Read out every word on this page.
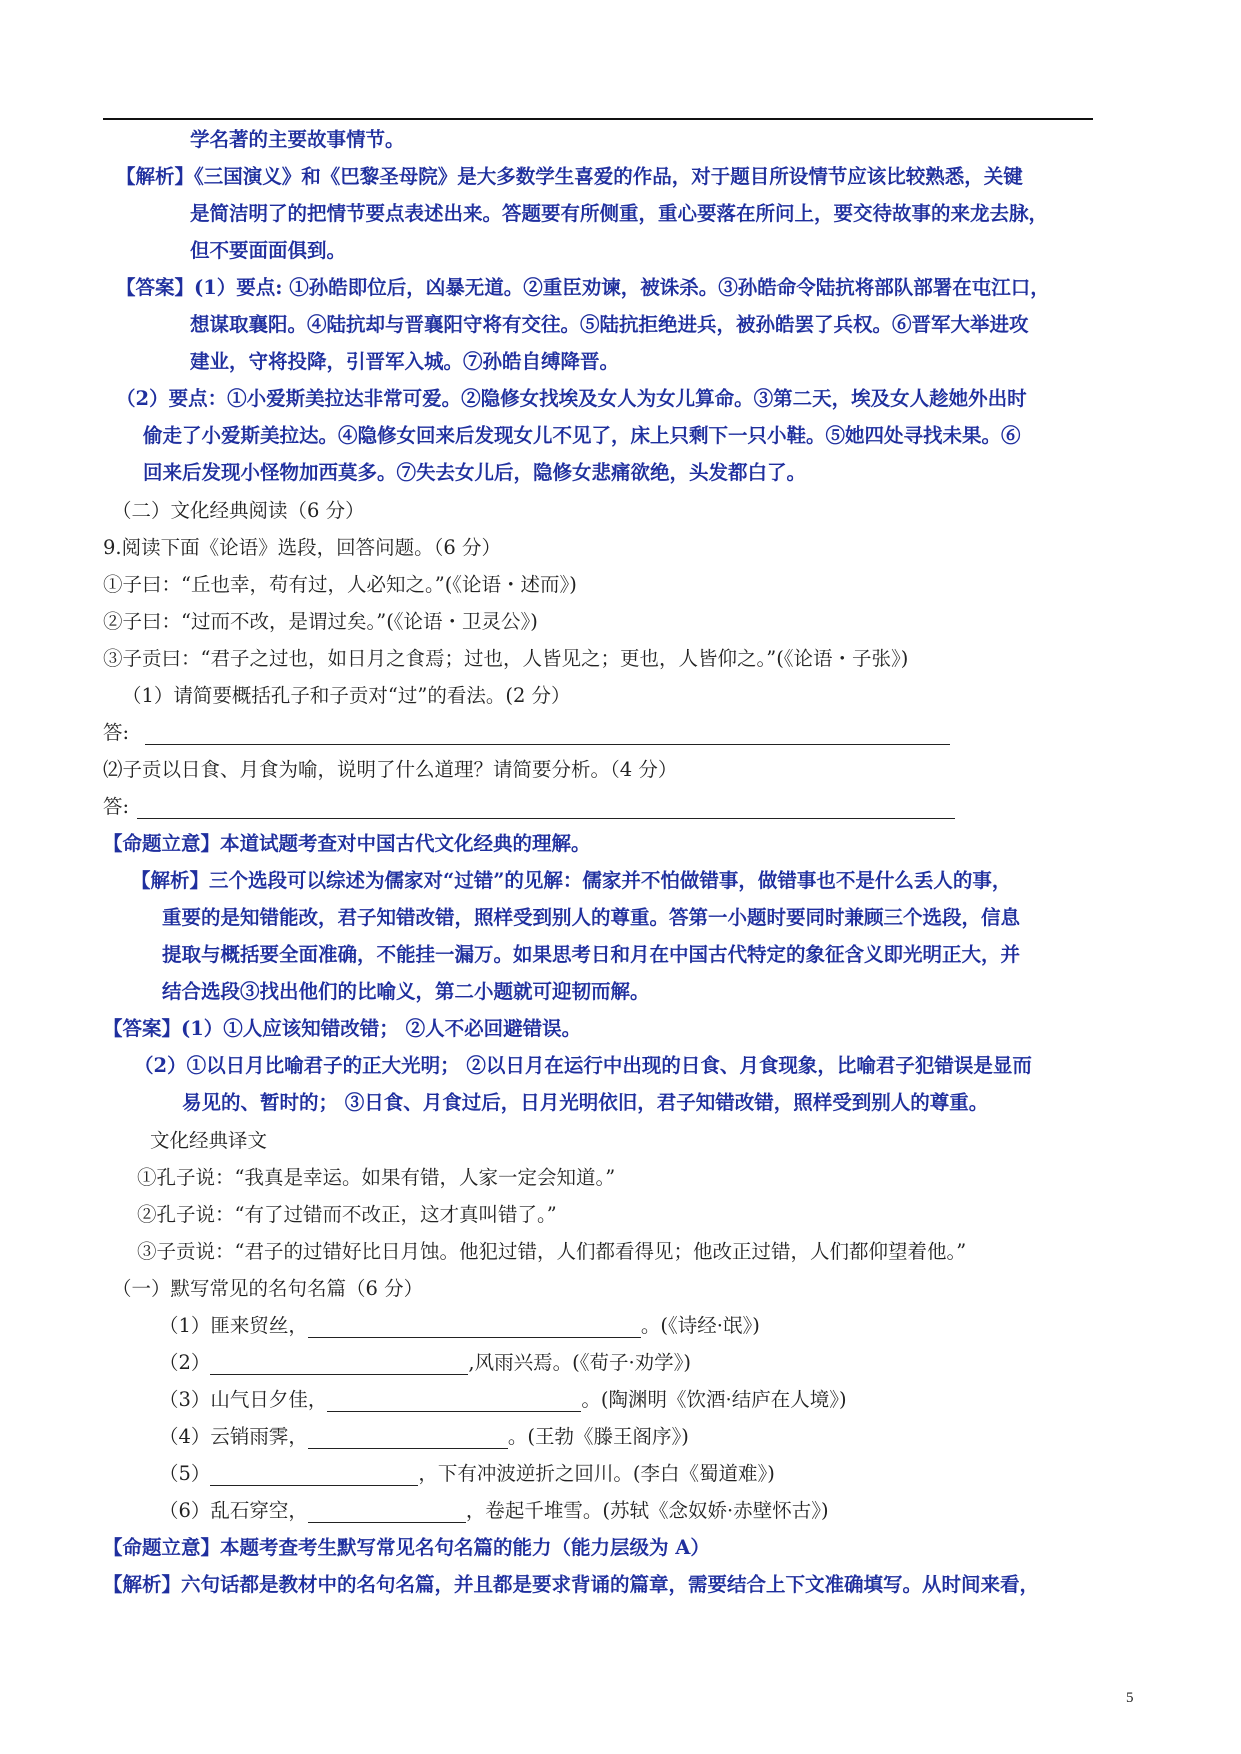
学名著的主要故事情节。
【解析】《三国演义》和《巴黎圣母院》是大多数学生喜爱的作品，对于题目所设情节应该比较熟悉，关键
是简洁明了的把情节要点表述出来。答题要有所侧重，重心要落在所问上，要交待故事的来龙去脉，
但不要面面俱到。
【答案】(1）要点: ①孙皓即位后，凶暴无道。②重臣劝谏，被诛杀。③孙皓命令陆抗将部队部署在屯江口，
想谋取襄阳。④陆抗却与晋襄阳守将有交往。⑤陆抗拒绝进兵，被孙皓罢了兵权。⑥晋军大举进攻
建业，守将投降，引晋军入城。⑦孙皓自缚降晋。
（2）要点：①小爱斯美拉达非常可爱。②隐修女找埃及女人为女儿算命。③第二天，埃及女人趁她外出时
偷走了小爱斯美拉达。④隐修女回来后发现女儿不见了，床上只剩下一只小鞋。⑤她四处寻找未果。⑥
回来后发现小怪物加西莫多。⑦失去女儿后，隐修女悲痛欲绝，头发都白了。
（二）文化经典阅读（6 分）
9.阅读下面《论语》选段，回答问题。（6 分）
①子曰：“丘也幸，苟有过，人必知之。”(《论语・述而》)
②子曰：“过而不改，是谓过矣。”(《论语・卫灵公》)
③子贡曰：“君子之过也，如日月之食焉；过也，人皆见之；更也，人皆仰之。”(《论语・子张》)
（1）请简要概括孔子和子贡对“过”的看法。(2 分）
答:
⑵子贡以日食、月食为喻，说明了什么道理？请简要分析。（4 分）
答:
【命题立意】本道试题考查对中国古代文化经典的理解。
【解析】三个选段可以综述为儒家对“过错”的见解：儒家并不怕做错事，做错事也不是什么丢人的事，
重要的是知错能改，君子知错改错，照样受到别人的尊重。答第一小题时要同时兼顾三个选段，信息
提取与概括要全面准确，不能挂一漏万。如果思考日和月在中国古代特定的象征含义即光明正大，并
结合选段③找出他们的比喻义，第二小题就可迎韧而解。
【答案】(1）①人应该知错改错； ②人不必回避错误。
（2）①以日月比喻君子的正大光明； ②以日月在运行中出现的日食、月食现象，比喻君子犯错误是显而
易见的、暂时的； ③日食、月食过后，日月光明依旧，君子知错改错，照样受到别人的尊重。
文化经典译文
①孔子说：“我真是幸运。如果有错，人家一定会知道。”
②孔子说：“有了过错而不改正，这才真叫错了。”
③子贡说：“君子的过错好比日月蚀。他犯过错，人们都看得见；他改正过错，人们都仰望着他。”
（一）默写常见的名句名篇（6 分）
（1）匪来贸丝，	。(《诗经·氓》)
（2）	,风雨兴焉。(《荀子·劝学》)
（3）山气日夕佳，	。(陶渊明《饮酒·结庐在人境》)
（4）云销雨霁，	。(王勃《滕王阁序》)
（5）	，下有冲波逆折之回川。(李白《蜀道难》)
（6）乱石穿空，	，卷起千堆雪。(苏轼《念奴娇·赤壁怀古》)
【命题立意】本题考查考生默写常见名句名篇的能力（能力层级为 A）
【解析】六句话都是教材中的名句名篇，并且都是要求背诵的篇章，需要结合上下文准确填写。从时间来看，
5
